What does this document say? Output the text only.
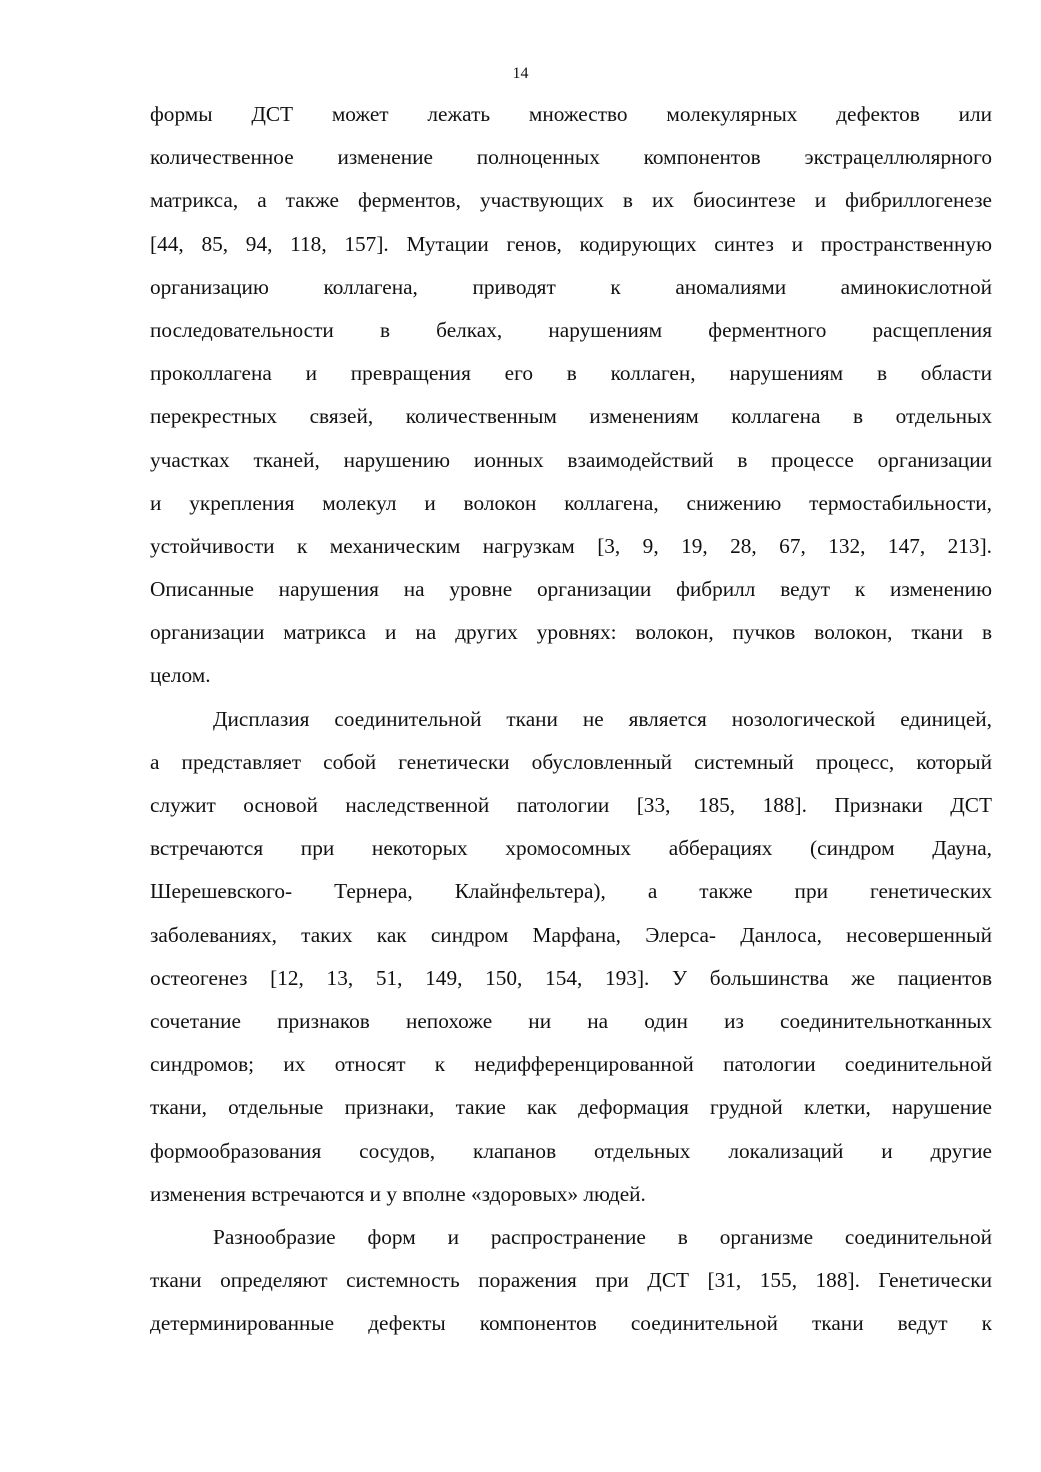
14
формы ДСТ может лежать множество молекулярных дефектов или
количественное изменение полноценных компонентов экстрацеллюлярного
матрикса, а также ферментов, участвующих в их биосинтезе и фибриллогенезе
[44, 85, 94, 118, 157]. Мутации генов, кодирующих синтез и пространственную
организацию коллагена, приводят к аномалиями аминокислотной
последовательности в белках, нарушениям ферментного расщепления
проколлагена и превращения его в коллаген, нарушениям в области
перекрестных связей, количественным изменениям коллагена в отдельных
участках тканей, нарушению ионных взаимодействий в процессе организации
и укрепления молекул и волокон коллагена, снижению термостабильности,
устойчивости к механическим нагрузкам [3, 9, 19, 28, 67, 132, 147, 213].
Описанные нарушения на уровне организации фибрилл ведут к изменению
организации матрикса и на других уровнях: волокон, пучков волокон, ткани в
целом.
Дисплазия соединительной ткани не является нозологической единицей,
а представляет собой генетически обусловленный системный процесс, который
служит основой наследственной патологии [33, 185, 188]. Признаки ДСТ
встречаются при некоторых хромосомных абберациях (синдром Дауна,
Шерешевского- Тернера, Клайнфельтера), а также при генетических
заболеваниях, таких как синдром Марфана, Элерса- Данлоса, несовершенный
остеогенез [12, 13, 51, 149, 150, 154, 193]. У большинства же пациентов
сочетание признаков непохоже ни на один из соединительнотканных
синдромов; их относят к недифференцированной патологии соединительной
ткани, отдельные признаки, такие как деформация грудной клетки, нарушение
формообразования сосудов, клапанов отдельных локализаций и другие
изменения встречаются и у вполне «здоровых» людей.
Разнообразие форм и распространение в организме соединительной
ткани определяют системность поражения при ДСТ [31, 155, 188]. Генетически
детерминированные дефекты компонентов соединительной ткани ведут к
